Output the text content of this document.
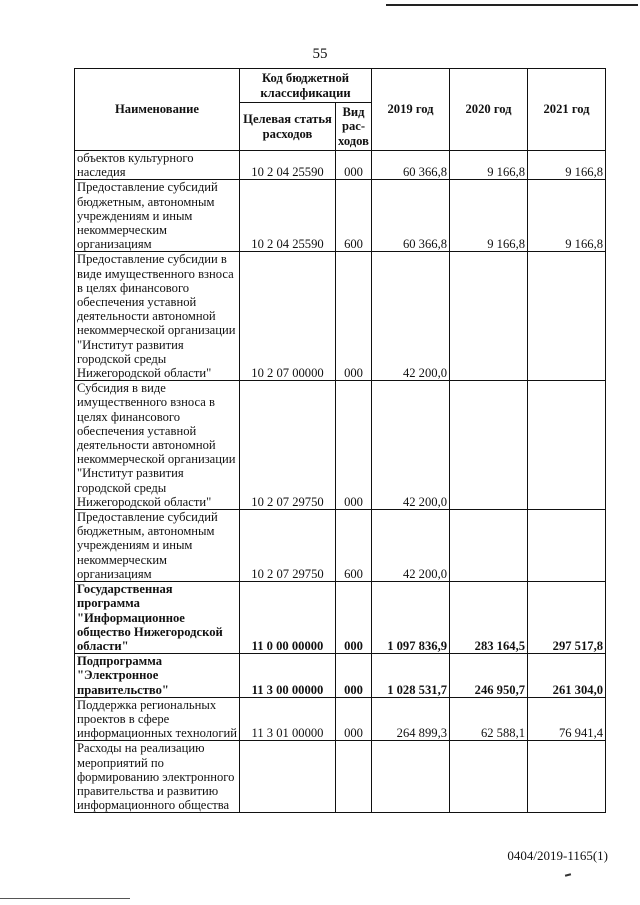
55
Наименование	Код бюджетной классификации		2019 год	2020 год	2021 год
	Целевая статья расходов	Вид рас- ходов			
объектов культурного наследия	10 2 04 25590	000	60 366,8	9 166,8	9 166,8
Предоставление субсидий бюджетным, автономным учреждениям и иным некоммерческим организациям	10 2 04 25590	600	60 366,8	9 166,8	9 166,8
Предоставление субсидии в виде имущественного взноса в целях финансового обеспечения уставной деятельности автономной некоммерческой организации "Институт развития городской среды Нижегородской области"	10 2 07 00000	000	42 200,0		
Субсидия в виде имущественного взноса в целях финансового обеспечения уставной деятельности автономной некоммерческой организации "Институт развития городской среды Нижегородской области"	10 2 07 29750	000	42 200,0		
Предоставление субсидий бюджетным, автономным учреждениям и иным некоммерческим организациям	10 2 07 29750	600	42 200,0		
Государственная программа "Информационное общество Нижегородской области"	11 0 00 00000	000	1 097 836,9	283 164,5	297 517,8
Подпрограмма "Электронное правительство"	11 3 00 00000	000	1 028 531,7	246 950,7	261 304,0
Поддержка региональных проектов в сфере информационных технологий	11 3 01 00000	000	264 899,3	62 588,1	76 941,4
Расходы на реализацию мероприятий по формированию электронного правительства и развитию информационного общества					
0404/2019-1165(1)
